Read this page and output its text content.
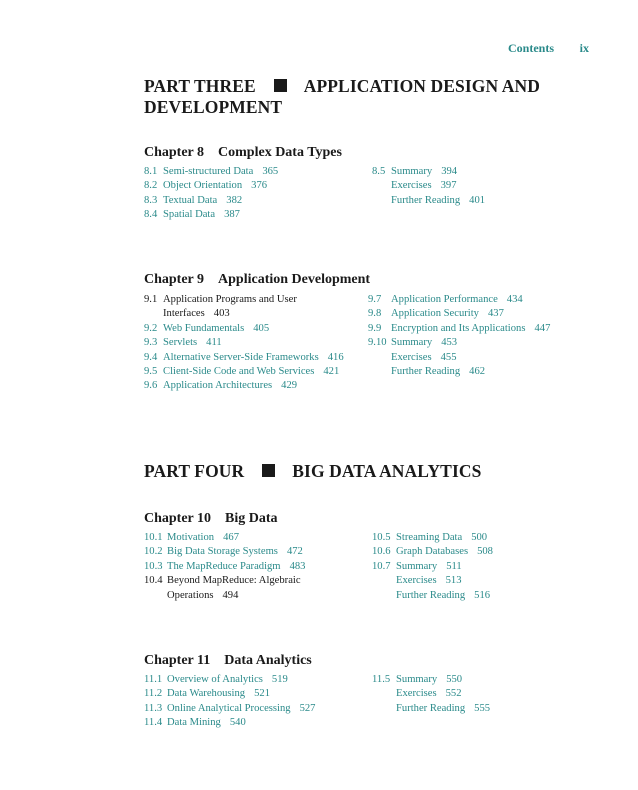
Contents ix
PART THREE	APPLICATION DESIGN AND
DEVELOPMENT
Chapter 8 Complex Data Types
8.1 Semi-structured Data 365
8.2 Object Orientation 376
8.3 Textual Data 382
8.4 Spatial Data 387
8.5 Summary 394
Exercises 397
Further Reading 401
Chapter 9 Application Development
9.1 Application Programs and User
Interfaces 403
9.2 Web Fundamentals 405
9.3 Servlets 411
9.4 Alternative Server-Side Frameworks 416
9.5 Client-Side Code and Web Services 421
9.6 Application Architectures 429
9.7 Application Performance 434
9.8 Application Security 437
9.9 Encryption and Its Applications 447
9.10 Summary 453
Exercises 455
Further Reading 462
PART FOUR	BIG DATA ANALYTICS
Chapter 10 Big Data
10.1 Motivation 467
10.2 Big Data Storage Systems 472
10.3 The MapReduce Paradigm 483
10.4 Beyond MapReduce: Algebraic
Operations 494
10.5 Streaming Data 500
10.6 Graph Databases 508
10.7 Summary 511
Exercises 513
Further Reading 516
Chapter 11 Data Analytics
11.1 Overview of Analytics 519
11.2 Data Warehousing 521
11.3 Online Analytical Processing 527
11.4 Data Mining 540
11.5 Summary 550
Exercises 552
Further Reading 555
